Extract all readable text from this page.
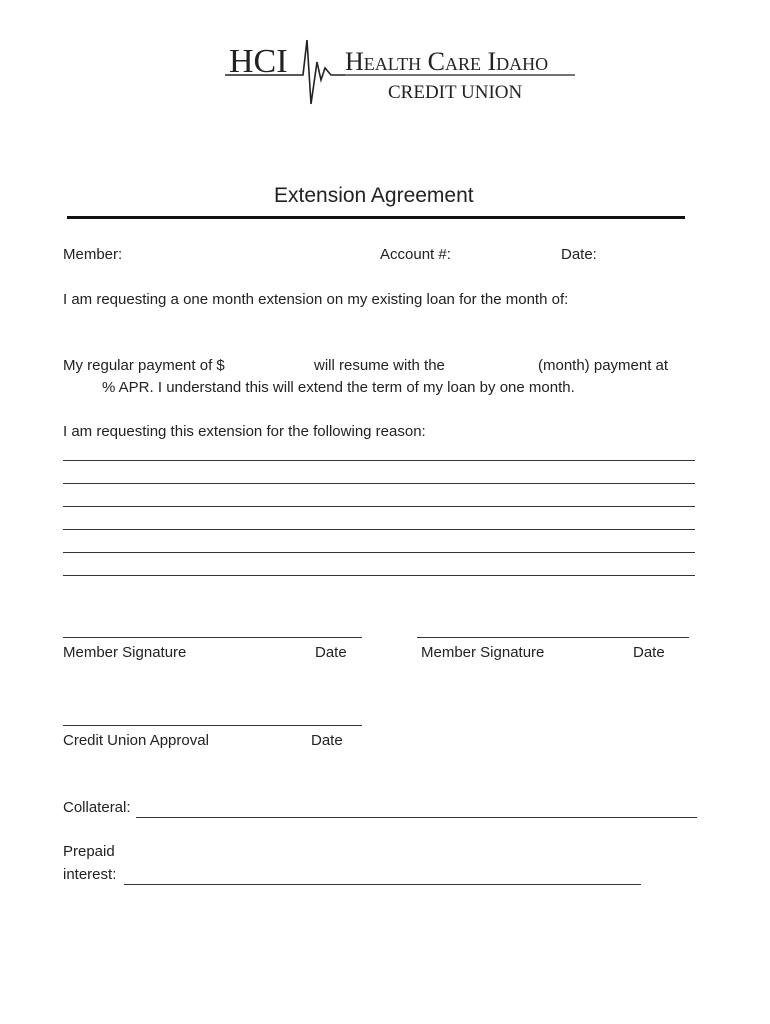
HCI Health Care Idaho
CREDIT UNION
Extension Agreement
Member:	Account #:	Date:
I am requesting a one month extension on my existing loan for the month of:
My regular payment of $	will resume with the	(month) payment at
% APR. I understand this will extend the term of my loan by one month.
I am requesting this extension for the following reason:
Member Signature	Date	Member Signature	Date
Credit Union Approval	Date
Collateral:
Prepaid
interest:
